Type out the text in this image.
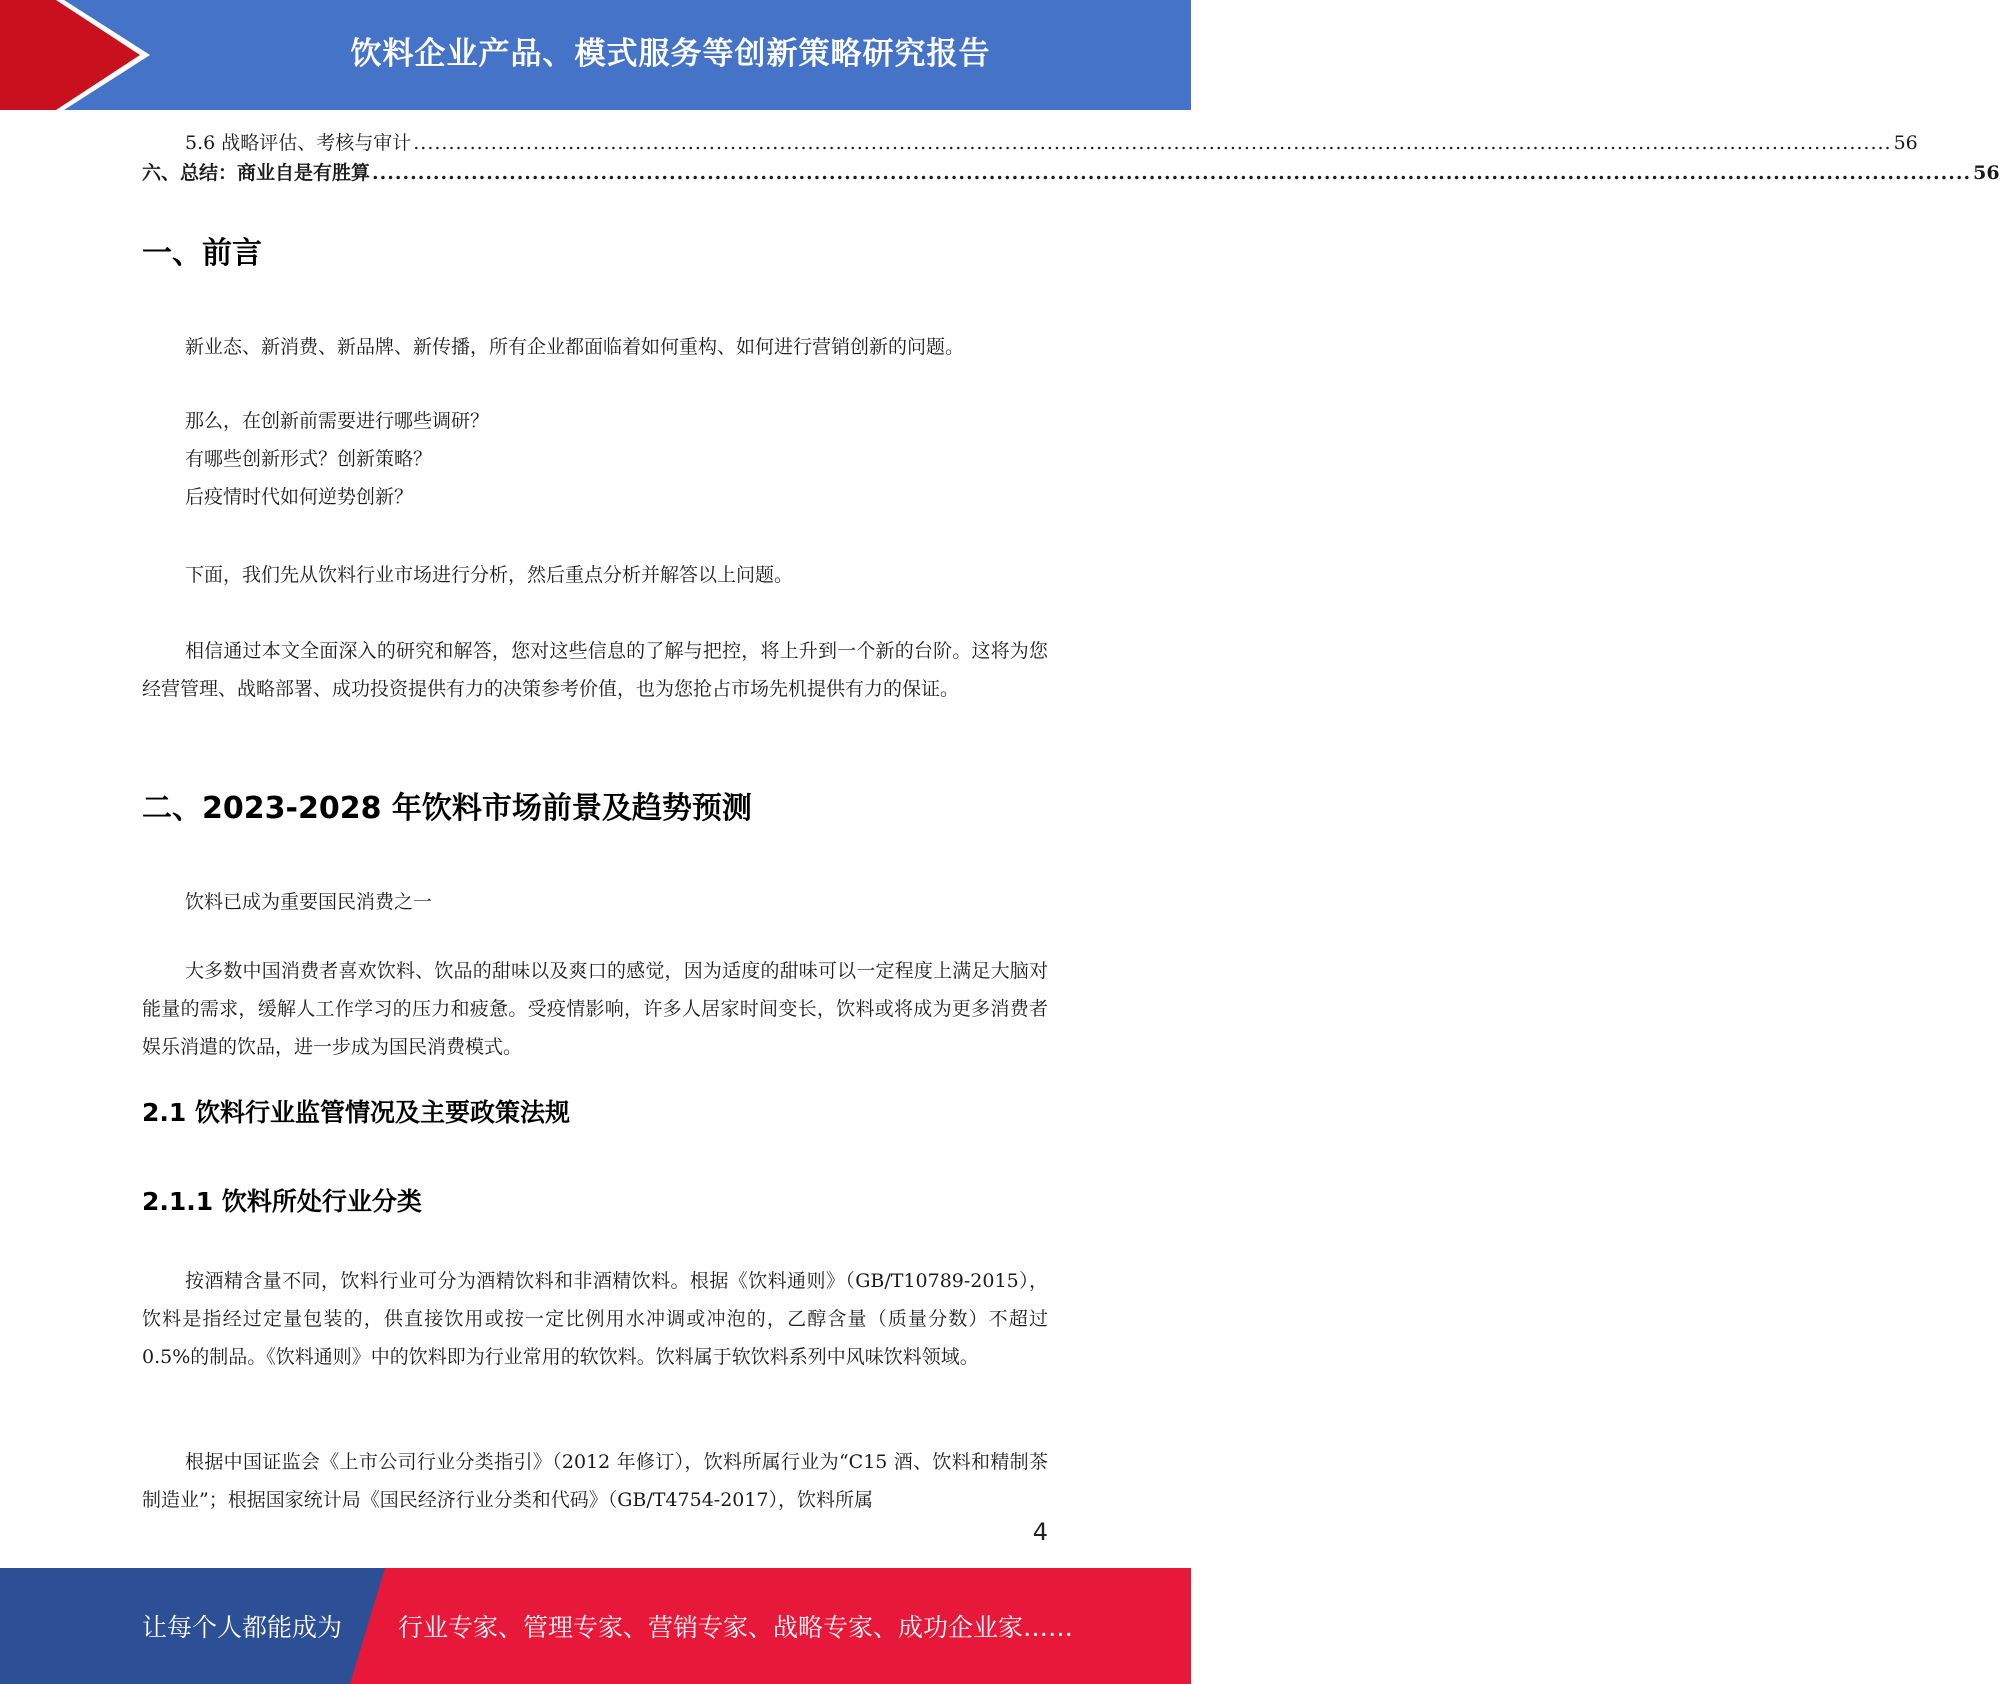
饮料企业产品、模式服务等创新策略研究报告
5.6 战略评估、考核与审计 .................................................................................................................................................................................................................. 56
六、总结：商业自是有胜算 .................................................................................................................................................................................................................. 56
一、前言
新业态、新消费、新品牌、新传播，所有企业都面临着如何重构、如何进行营销创新的问题。
那么，在创新前需要进行哪些调研？
有哪些创新形式？创新策略？
后疫情时代如何逆势创新？
下面，我们先从饮料行业市场进行分析，然后重点分析并解答以上问题。
相信通过本文全面深入的研究和解答，您对这些信息的了解与把控，将上升到一个新的台阶。这将为您经营管理、战略部署、成功投资提供有力的决策参考价值，也为您抢占市场先机提供有力的保证。
二、2023-2028 年饮料市场前景及趋势预测
饮料已成为重要国民消费之一
大多数中国消费者喜欢饮料、饮品的甜味以及爽口的感觉，因为适度的甜味可以一定程度上满足大脑对能量的需求，缓解人工作学习的压力和疲惫。受疫情影响，许多人居家时间变长，饮料或将成为更多消费者娱乐消遣的饮品，进一步成为国民消费模式。
2.1 饮料行业监管情况及主要政策法规
2.1.1 饮料所处行业分类
按酒精含量不同，饮料行业可分为酒精饮料和非酒精饮料。根据《饮料通则》（GB/T10789-2015），饮料是指经过定量包装的，供直接饮用或按一定比例用水冲调或冲泡的，乙醇含量（质量分数）不超过 0.5%的制品。《饮料通则》中的饮料即为行业常用的软饮料。饮料属于软饮料系列中风味饮料领域。
根据中国证监会《上市公司行业分类指引》（2012 年修订），饮料所属行业为“C15 酒、饮料和精制茶制造业”；根据国家统计局《国民经济行业分类和代码》（GB/T4754-2017），饮料所属
4
让每个人都能成为 行业专家、管理专家、营销专家、战略专家、成功企业家……
